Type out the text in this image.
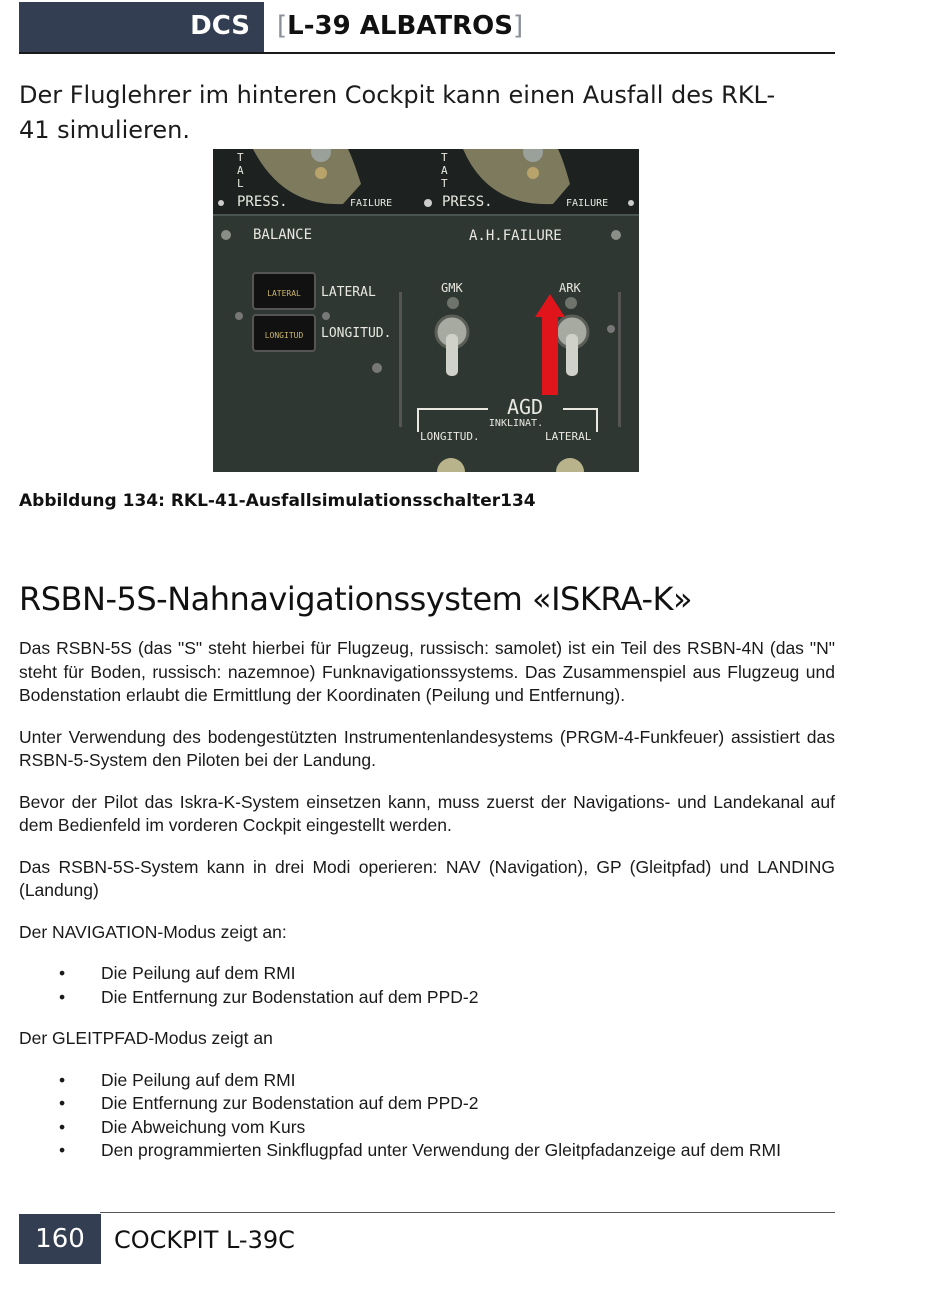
DCS [L-39 ALBATROS]
Der Fluglehrer im hinteren Cockpit kann einen Ausfall des RKL-41 simulieren.
T
A
L
T
A
T
PRESS.	FAILURE	PRESS.	FAILURE
BALANCE	A.H.FAILURE
LATERAL
LONGITUD
LATERAL
LONGITUD.
GMK	ARK
AGD
INKLINAT.
LONGITUD.	LATERAL
Abbildung 134: RKL-41-Ausfallsimulationsschalter134
RSBN-5S-Nahnavigationssystem «ISKRA-K»

Das RSBN-5S (das "S" steht hierbei für Flugzeug, russisch: samolet) ist ein Teil des RSBN-4N (das "N" steht für Boden, russisch: nazemnoe) Funknavigationssystems. Das Zusammenspiel aus Flugzeug und Bodenstation erlaubt die Ermittlung der Koordinaten (Peilung und Entfernung).

Unter Verwendung des bodengestützten Instrumentenlandesystems (PRGM-4-Funkfeuer) assistiert das RSBN-5-System den Piloten bei der Landung.

Bevor der Pilot das Iskra-K-System einsetzen kann, muss zuerst der Navigations- und Landekanal auf dem Bedienfeld im vorderen Cockpit eingestellt werden.

Das RSBN-5S-System kann in drei Modi operieren: NAV (Navigation), GP (Gleitpfad) und LANDING (Landung)

Der NAVIGATION-Modus zeigt an:

• Die Peilung auf dem RMI
• Die Entfernung zur Bodenstation auf dem PPD-2

Der GLEITPFAD-Modus zeigt an

• Die Peilung auf dem RMI
• Die Entfernung zur Bodenstation auf dem PPD-2
• Die Abweichung vom Kurs
• Den programmierten Sinkflugpfad unter Verwendung der Gleitpfadanzeige auf dem RMI
160	COCKPIT L-39C
